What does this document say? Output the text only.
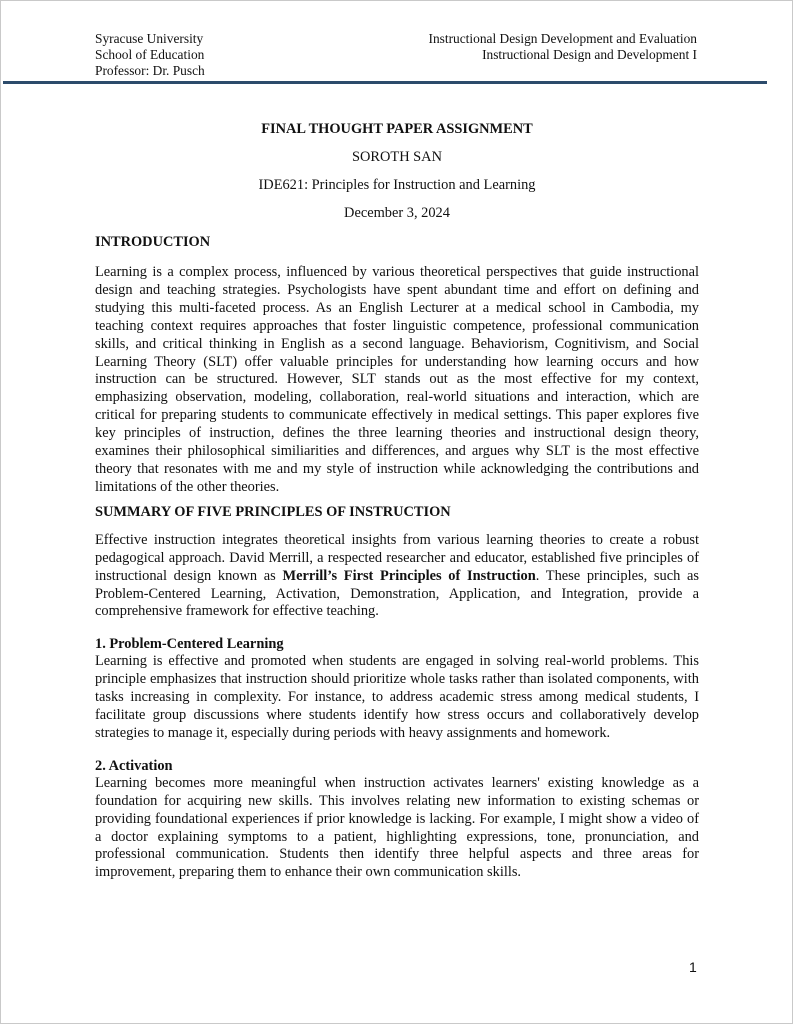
Syracuse University
School of Education
Professor: Dr. Pusch
Instructional Design Development and Evaluation
Instructional Design and Development I
FINAL THOUGHT PAPER ASSIGNMENT
SOROTH SAN
IDE621: Principles for Instruction and Learning
December 3, 2024
INTRODUCTION

Learning is a complex process, influenced by various theoretical perspectives that guide instructional design and teaching strategies. Psychologists have spent abundant time and effort on defining and studying this multi-faceted process. As an English Lecturer at a medical school in Cambodia, my teaching context requires approaches that foster linguistic competence, professional communication skills, and critical thinking in English as a second language. Behaviorism, Cognitivism, and Social Learning Theory (SLT) offer valuable principles for understanding how learning occurs and how instruction can be structured. However, SLT stands out as the most effective for my context, emphasizing observation, modeling, collaboration, real-world situations and interaction, which are critical for preparing students to communicate effectively in medical settings. This paper explores five key principles of instruction, defines the three learning theories and instructional design theory, examines their philosophical similiarities and differences, and argues why SLT is the most effective theory that resonates with me and my style of instruction while acknowledging the contributions and limitations of the other theories.

SUMMARY OF FIVE PRINCIPLES OF INSTRUCTION

Effective instruction integrates theoretical insights from various learning theories to create a robust pedagogical approach. David Merrill, a respected researcher and educator, established five principles of instructional design known as Merrill’s First Principles of Instruction. These principles, such as Problem-Centered Learning, Activation, Demonstration, Application, and Integration, provide a comprehensive framework for effective teaching.

1. Problem-Centered Learning

Learning is effective and promoted when students are engaged in solving real-world problems. This principle emphasizes that instruction should prioritize whole tasks rather than isolated components, with tasks increasing in complexity. For instance, to address academic stress among medical students, I facilitate group discussions where students identify how stress occurs and collaboratively develop strategies to manage it, especially during periods with heavy assignments and homework.

2. Activation

Learning becomes more meaningful when instruction activates learners' existing knowledge as a foundation for acquiring new skills. This involves relating new information to existing schemas or providing foundational experiences if prior knowledge is lacking. For example, I might show a video of a doctor explaining symptoms to a patient, highlighting expressions, tone, pronunciation, and professional communication. Students then identify three helpful aspects and three areas for improvement, preparing them to enhance their own communication skills.

1
